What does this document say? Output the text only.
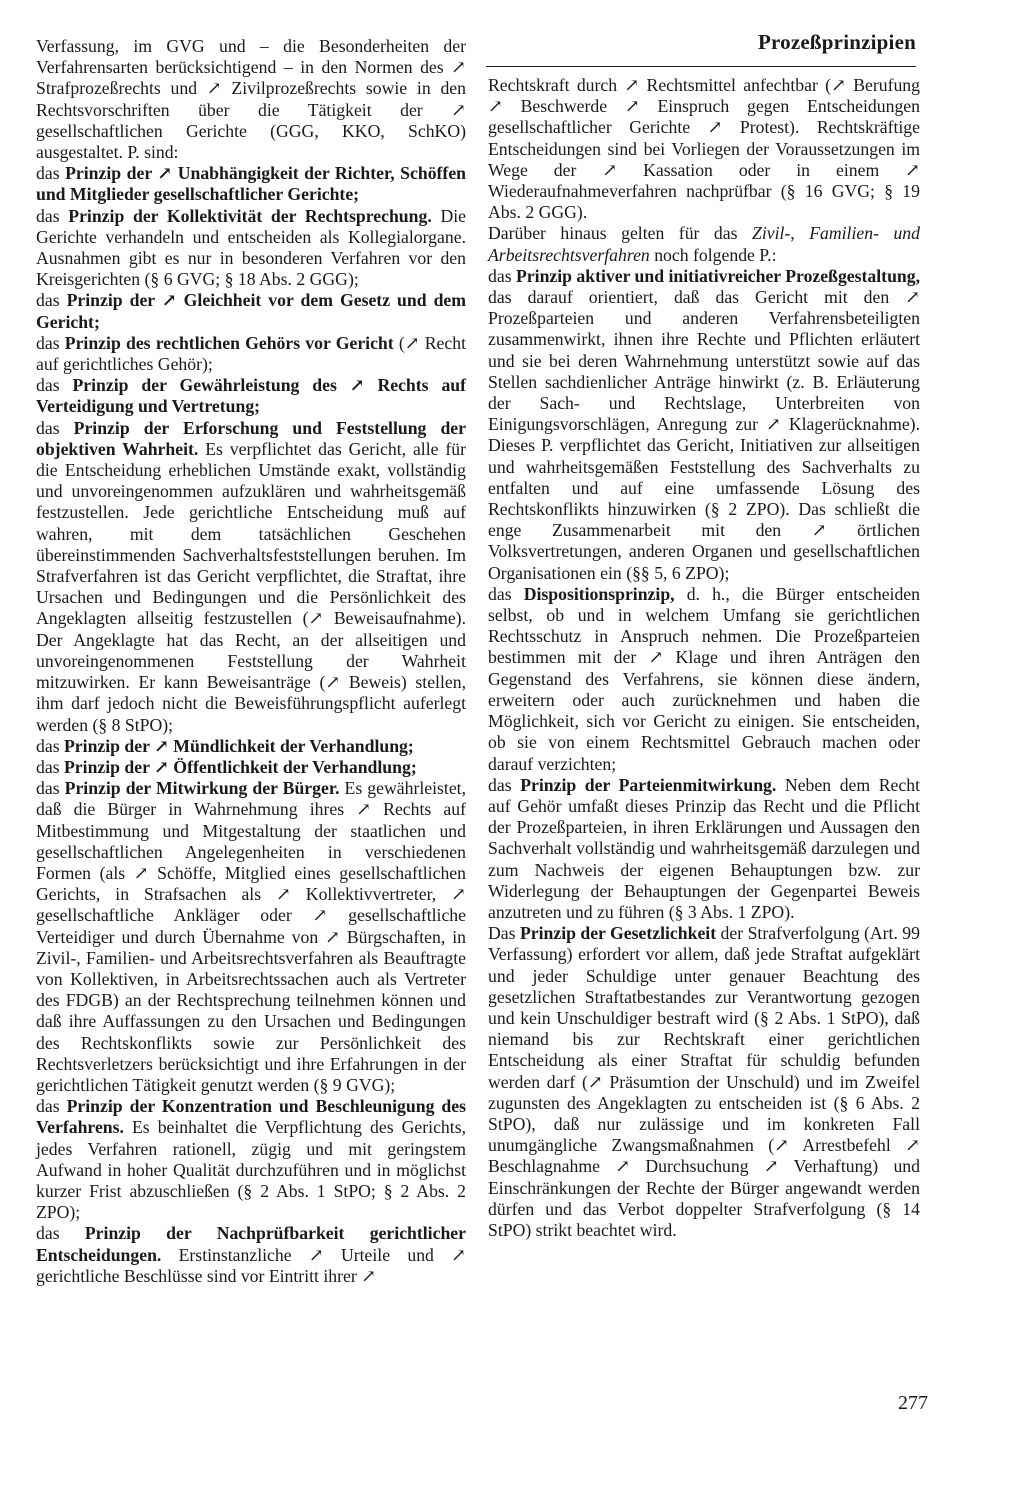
Prozeßprinzipien

Verfassung, im GVG und – die Besonderheiten der Verfahrensarten berücksichtigend – in den Normen des ↗ Strafprozeßrechts und ↗ Zivilprozeßrechts sowie in den Rechtsvorschriften über die Tätigkeit der ↗ gesellschaftlichen Gerichte (GGG, KKO, SchKO) ausgestaltet. P. sind:

das Prinzip der ↗ Unabhängigkeit der Richter, Schöffen und Mitglieder gesellschaftlicher Gerichte;

das Prinzip der Kollektivität der Rechtsprechung. Die Gerichte verhandeln und entscheiden als Kollegialorgane. Ausnahmen gibt es nur in besonderen Verfahren vor den Kreisgerichten (§ 6 GVG; § 18 Abs. 2 GGG);

das Prinzip der ↗ Gleichheit vor dem Gesetz und dem Gericht;

das Prinzip des rechtlichen Gehörs vor Gericht (↗ Recht auf gerichtliches Gehör);

das Prinzip der Gewährleistung des ↗ Rechts auf Verteidigung und Vertretung;

das Prinzip der Erforschung und Feststellung der objektiven Wahrheit. Es verpflichtet das Gericht, alle für die Entscheidung erheblichen Umstände exakt, vollständig und unvoreingenommen aufzuklären und wahrheitsgemäß festzustellen. Jede gerichtliche Entscheidung muß auf wahren, mit dem tatsächlichen Geschehen übereinstimmenden Sachverhaltsfeststellungen beruhen. Im Strafverfahren ist das Gericht verpflichtet, die Straftat, ihre Ursachen und Bedingungen und die Persönlichkeit des Angeklagten allseitig festzustellen (↗ Beweisaufnahme). Der Angeklagte hat das Recht, an der allseitigen und unvoreingenommenen Feststellung der Wahrheit mitzuwirken. Er kann Beweisanträge (↗ Beweis) stellen, ihm darf jedoch nicht die Beweisführungspflicht auferlegt werden (§ 8 StPO);

das Prinzip der ↗ Mündlichkeit der Verhandlung;

das Prinzip der ↗ Öffentlichkeit der Verhandlung;

das Prinzip der Mitwirkung der Bürger. Es gewährleistet, daß die Bürger in Wahrnehmung ihres ↗ Rechts auf Mitbestimmung und Mitgestaltung der staatlichen und gesellschaftlichen Angelegenheiten in verschiedenen Formen (als ↗ Schöffe, Mitglied eines gesellschaftlichen Gerichts, in Strafsachen als ↗ Kollektivvertreter, ↗ gesellschaftliche Ankläger oder ↗ gesellschaftliche Verteidiger und durch Übernahme von ↗ Bürgschaften, in Zivil-, Familien- und Arbeitsrechtsverfahren als Beauftragte von Kollektiven, in Arbeitsrechtssachen auch als Vertreter des FDGB) an der Rechtsprechung teilnehmen können und daß ihre Auffassungen zu den Ursachen und Bedingungen des Rechtskonflikts sowie zur Persönlichkeit des Rechtsverletzers berücksichtigt und ihre Erfahrungen in der gerichtlichen Tätigkeit genutzt werden (§ 9 GVG);

das Prinzip der Konzentration und Beschleunigung des Verfahrens. Es beinhaltet die Verpflichtung des Gerichts, jedes Verfahren rationell, zügig und mit geringstem Aufwand in hoher Qualität durchzuführen und in möglichst kurzer Frist abzuschließen (§ 2 Abs. 1 StPO; § 2 Abs. 2 ZPO);

das Prinzip der Nachprüfbarkeit gerichtlicher Entscheidungen. Erstinstanzliche ↗ Urteile und ↗ gerichtliche Beschlüsse sind vor Eintritt ihrer ↗

Rechtskraft durch ↗ Rechtsmittel anfechtbar (↗ Berufung ↗ Beschwerde ↗ Einspruch gegen Entscheidungen gesellschaftlicher Gerichte ↗ Protest). Rechtskräftige Entscheidungen sind bei Vorliegen der Voraussetzungen im Wege der ↗ Kassation oder in einem ↗ Wiederaufnahmeverfahren nachprüfbar (§ 16 GVG; § 19 Abs. 2 GGG).

Darüber hinaus gelten für das Zivil-, Familien- und Arbeitsrechtsverfahren noch folgende P.:

das Prinzip aktiver und initiativreicher Prozeßgestaltung, das darauf orientiert, daß das Gericht mit den ↗ Prozeßparteien und anderen Verfahrensbeteiligten zusammenwirkt, ihnen ihre Rechte und Pflichten erläutert und sie bei deren Wahrnehmung unterstützt sowie auf das Stellen sachdienlicher Anträge hinwirkt (z. B. Erläuterung der Sach- und Rechtslage, Unterbreiten von Einigungsvorschlägen, Anregung zur ↗ Klagerücknahme). Dieses P. verpflichtet das Gericht, Initiativen zur allseitigen und wahrheitsgemäßen Feststellung des Sachverhalts zu entfalten und auf eine umfassende Lösung des Rechtskonflikts hinzuwirken (§ 2 ZPO). Das schließt die enge Zusammenarbeit mit den ↗ örtlichen Volksvertretungen, anderen Organen und gesellschaftlichen Organisationen ein (§§ 5, 6 ZPO);

das Dispositionsprinzip, d. h., die Bürger entscheiden selbst, ob und in welchem Umfang sie gerichtlichen Rechtsschutz in Anspruch nehmen. Die Prozeßparteien bestimmen mit der ↗ Klage und ihren Anträgen den Gegenstand des Verfahrens, sie können diese ändern, erweitern oder auch zurücknehmen und haben die Möglichkeit, sich vor Gericht zu einigen. Sie entscheiden, ob sie von einem Rechtsmittel Gebrauch machen oder darauf verzichten;

das Prinzip der Parteienmitwirkung. Neben dem Recht auf Gehör umfaßt dieses Prinzip das Recht und die Pflicht der Prozeßparteien, in ihren Erklärungen und Aussagen den Sachverhalt vollständig und wahrheitsgemäß darzulegen und zum Nachweis der eigenen Behauptungen bzw. zur Widerlegung der Behauptungen der Gegenpartei Beweis anzutreten und zu führen (§ 3 Abs. 1 ZPO).

Das Prinzip der Gesetzlichkeit der Strafverfolgung (Art. 99 Verfassung) erfordert vor allem, daß jede Straftat aufgeklärt und jeder Schuldige unter genauer Beachtung des gesetzlichen Straftatbestandes zur Verantwortung gezogen und kein Unschuldiger bestraft wird (§ 2 Abs. 1 StPO), daß niemand bis zur Rechtskraft einer gerichtlichen Entscheidung als einer Straftat für schuldig befunden werden darf (↗ Präsumtion der Unschuld) und im Zweifel zugunsten des Angeklagten zu entscheiden ist (§ 6 Abs. 2 StPO), daß nur zulässige und im konkreten Fall unumgängliche Zwangsmaßnahmen (↗ Arrestbefehl ↗ Beschlagnahme ↗ Durchsuchung ↗ Verhaftung) und Einschränkungen der Rechte der Bürger angewandt werden dürfen und das Verbot doppelter Strafverfolgung (§ 14 StPO) strikt beachtet wird.

277
